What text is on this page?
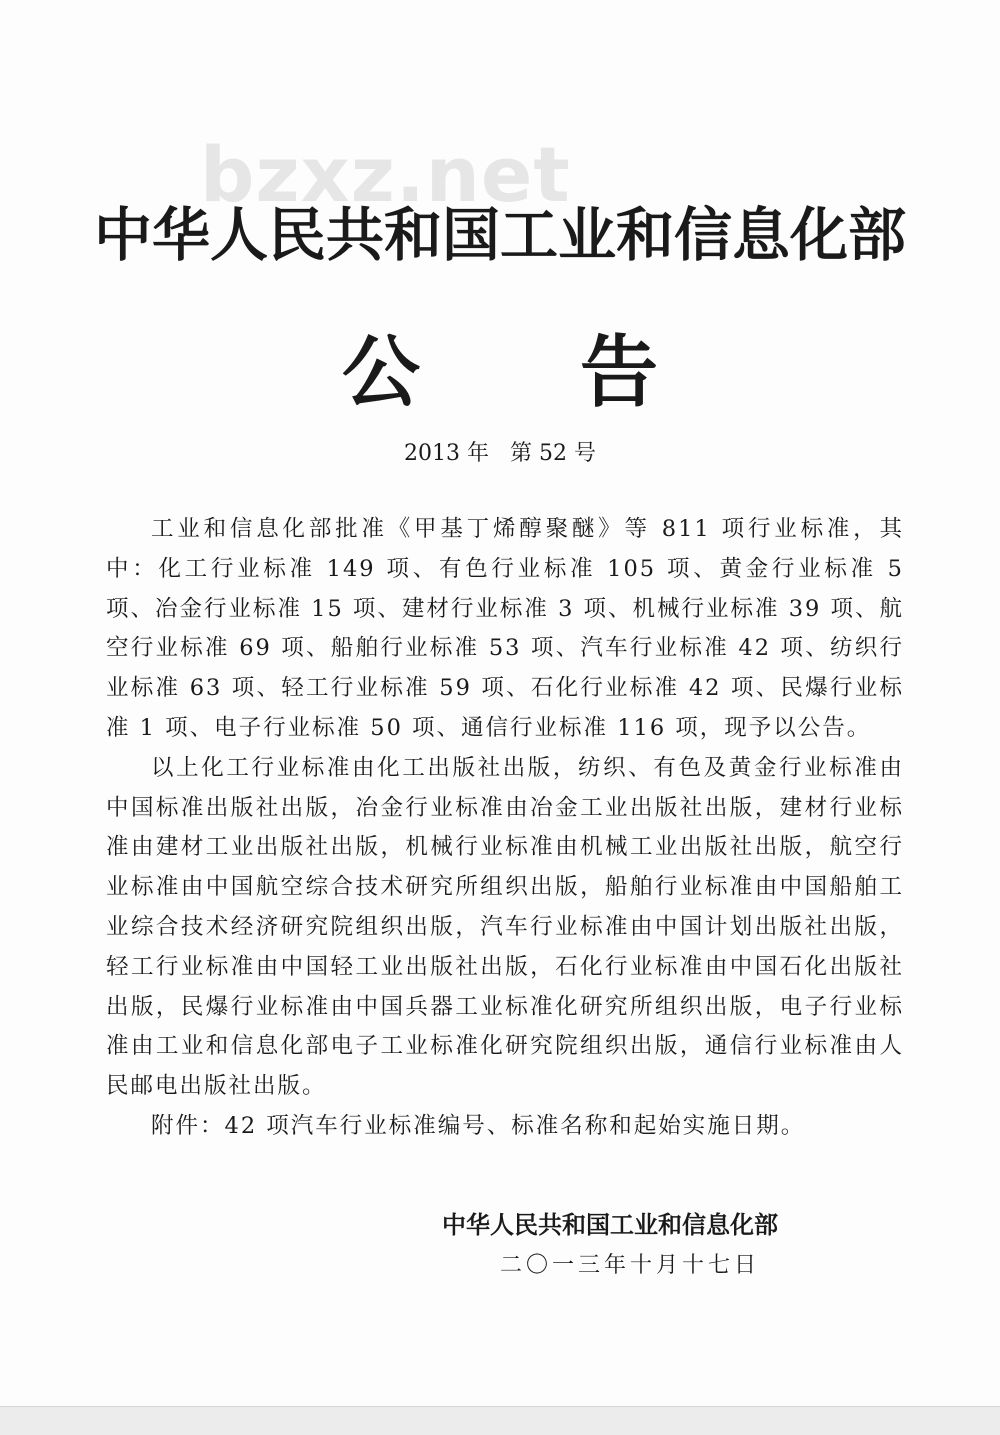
bzxz.net
中华人民共和国工业和信息化部
公 告
2013 年   第 52 号

工业和信息化部批准《甲基丁烯醇聚醚》等 811 项行业标准，其中：化工行业标准 149 项、有色行业标准 105 项、黄金行业标准 5 项、冶金行业标准 15 项、建材行业标准 3 项、机械行业标准 39 项、航空行业标准 69 项、船舶行业标准 53 项、汽车行业标准 42 项、纺织行业标准 63 项、轻工行业标准 59 项、石化行业标准 42 项、民爆行业标准 1 项、电子行业标准 50 项、通信行业标准 116 项，现予以公告。

以上化工行业标准由化工出版社出版，纺织、有色及黄金行业标准由中国标准出版社出版，冶金行业标准由冶金工业出版社出版，建材行业标准由建材工业出版社出版，机械行业标准由机械工业出版社出版，航空行业标准由中国航空综合技术研究所组织出版，船舶行业标准由中国船舶工业综合技术经济研究院组织出版，汽车行业标准由中国计划出版社出版，轻工行业标准由中国轻工业出版社出版，石化行业标准由中国石化出版社出版，民爆行业标准由中国兵器工业标准化研究所组织出版，电子行业标准由工业和信息化部电子工业标准化研究院组织出版，通信行业标准由人民邮电出版社出版。

附件：42 项汽车行业标准编号、标准名称和起始实施日期。

中华人民共和国工业和信息化部
二〇一三年十月十七日
